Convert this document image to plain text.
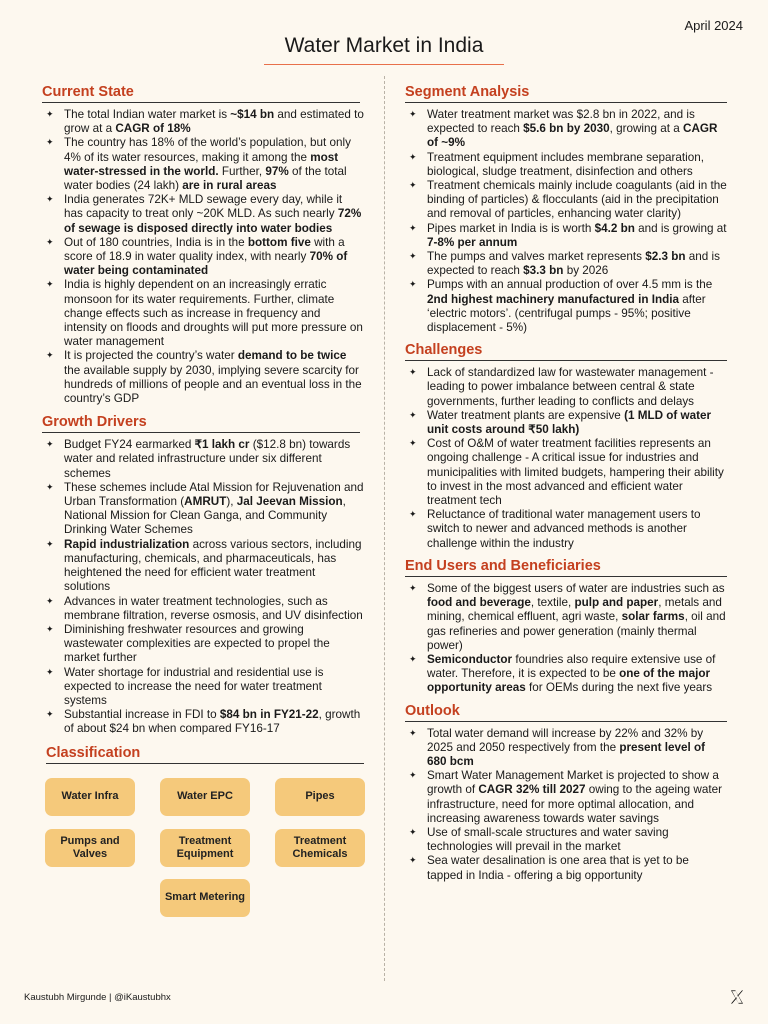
April 2024
Water Market in India
Current State
✦ The total Indian water market is ~$14 bn and estimated to grow at a CAGR of 18%
✦ The country has 18% of the world’s population, but only 4% of its water resources, making it among the most water-stressed in the world. Further, 97% of the total water bodies (24 lakh) are in rural areas
✦ India generates 72K+ MLD sewage every day, while it has capacity to treat only ~20K MLD. As such nearly 72% of sewage is disposed directly into water bodies
✦ Out of 180 countries, India is in the bottom five with a score of 18.9 in water quality index, with nearly 70% of water being contaminated
✦ India is highly dependent on an increasingly erratic monsoon for its water requirements. Further, climate change effects such as increase in frequency and intensity on floods and droughts will put more pressure on water management
✦ It is projected the country’s water demand to be twice the available supply by 2030, implying severe scarcity for hundreds of millions of people and an eventual loss in the country’s GDP
Growth Drivers
✦ Budget FY24 earmarked ₹1 lakh cr ($12.8 bn) towards water and related infrastructure under six different schemes
✦ These schemes include Atal Mission for Rejuvenation and Urban Transformation (AMRUT), Jal Jeevan Mission, National Mission for Clean Ganga, and Community Drinking Water Schemes
✦ Rapid industrialization across various sectors, including manufacturing, chemicals, and pharmaceuticals, has heightened the need for efficient water treatment solutions
✦ Advances in water treatment technologies, such as membrane filtration, reverse osmosis, and UV disinfection
✦ Diminishing freshwater resources and growing wastewater complexities are expected to propel the market further
✦ Water shortage for industrial and residential use is expected to increase the need for water treatment systems
✦ Substantial increase in FDI to $84 bn in FY21-22, growth of about $24 bn when compared FY16-17
Classification
Water Infra	Water EPC	Pipes
Pumps and Valves
Treatment Equipment
Treatment Chemicals
Smart Metering
Segment Analysis
✦ Water treatment market was $2.8 bn in 2022, and is expected to reach $5.6 bn by 2030, growing at a CAGR of ~9%
✦ Treatment equipment includes membrane separation, biological, sludge treatment, disinfection and others
✦ Treatment chemicals mainly include coagulants (aid in the binding of particles) & flocculants (aid in the precipitation and removal of particles, enhancing water clarity)
✦ Pipes market in India is is worth $4.2 bn and is growing at 7-8% per annum
✦ The pumps and valves market represents $2.3 bn and is expected to reach $3.3 bn by 2026
✦ Pumps with an annual production of over 4.5 mm is the 2nd highest machinery manufactured in India after ‘electric motors’. (centrifugal pumps - 95%; positive displacement - 5%)
Challenges
✦ Lack of standardized law for wastewater management - leading to power imbalance between central & state governments, further leading to conflicts and delays
✦ Water treatment plants are expensive (1 MLD of water unit costs around ₹50 lakh)
✦ Cost of O&M of water treatment facilities represents an ongoing challenge - A critical issue for industries and municipalities with limited budgets, hampering their ability to invest in the most advanced and efficient water treatment tech
✦ Reluctance of traditional water management users to switch to newer and advanced methods is another challenge within the industry
End Users and Beneficiaries
✦ Some of the biggest users of water are industries such as food and beverage, textile, pulp and paper, metals and mining, chemical effluent, agri waste, solar farms, oil and gas refineries and power generation (mainly thermal power)
✦ Semiconductor foundries also require extensive use of water. Therefore, it is expected to be one of the major opportunity areas for OEMs during the next five years
Outlook
✦ Total water demand will increase by 22% and 32% by 2025 and 2050 respectively from the present level of 680 bcm
✦ Smart Water Management Market is projected to show a growth of CAGR 32% till 2027 owing to the ageing water infrastructure, need for more optimal allocation, and increasing awareness towards water savings
✦ Use of small-scale structures and water saving technologies will prevail in the market
✦ Sea water desalination is one area that is yet to be tapped in India - offering a big opportunity
Kaustubh Mirgunde | @iKaustubhx
